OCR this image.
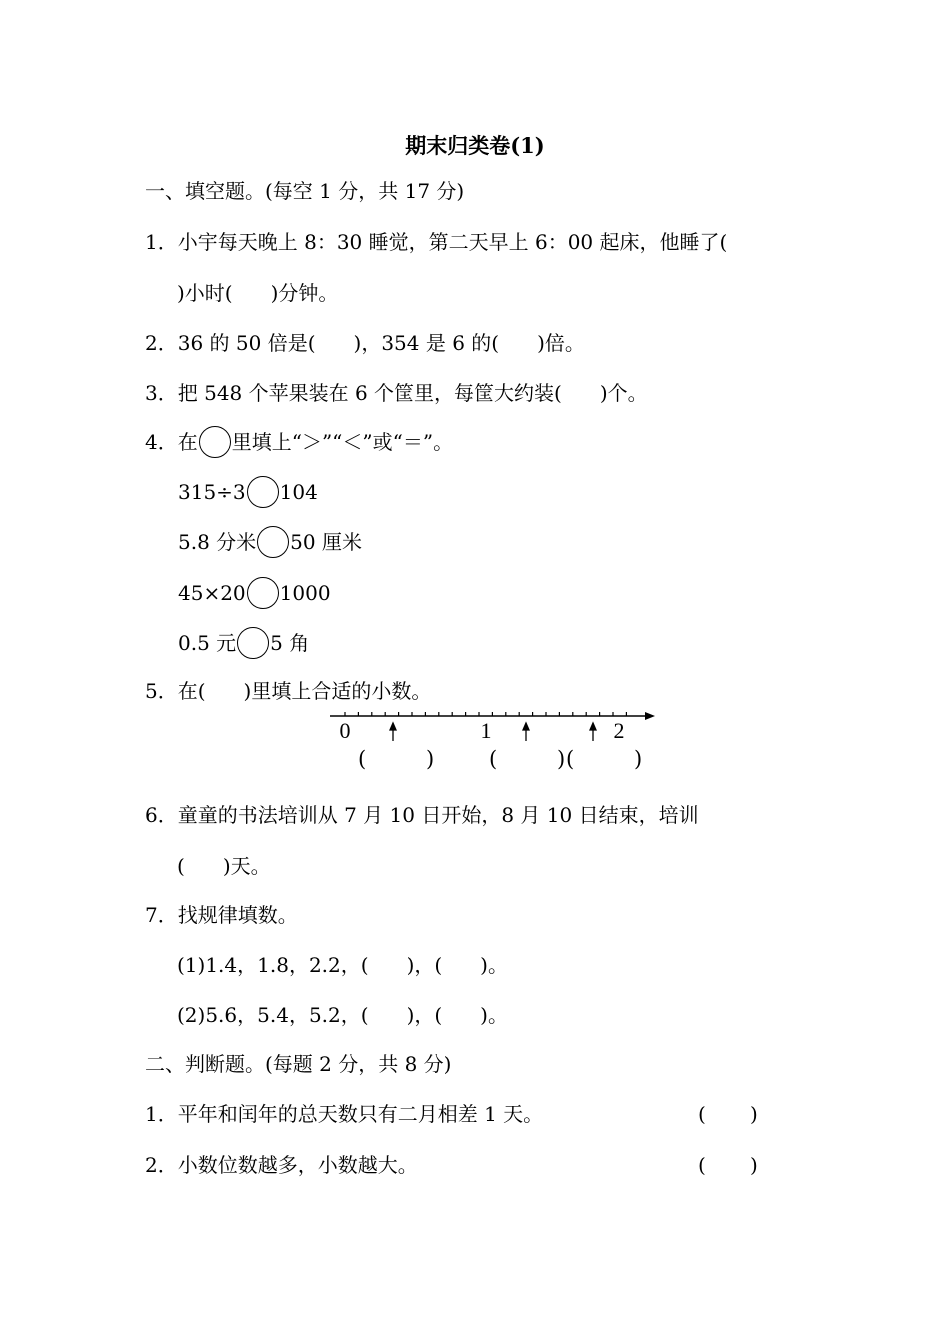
期末归类卷(1)
一、填空题。(每空 1 分，共 17 分)
1．小宇每天晚上 8：30 睡觉，第二天早上 6：00 起床，他睡了(
)小时( )分钟。
2．36 的 50 倍是( )，354 是 6 的( )倍。
3．把 548 个苹果装在 6 个筐里，每筐大约装( )个。
4．在 里填上“＞”“＜”或“＝”。
315÷3 104
5.8 分米 50 厘米
45×20 1000
0.5 元 5 角
5．在( )里填上合适的小数。
0	1	2
(	)	(	) (	)
6．童童的书法培训从 7 月 10 日开始，8 月 10 日结束，培训
( )天。
7．找规律填数。
(1)1.4，1.8，2.2，( )，( )。
(2)5.6，5.4，5.2，( )，( )。
二、判断题。(每题 2 分，共 8 分)
1．平年和闰年的总天数只有二月相差 1 天。	( )
2．小数位数越多，小数越大。	( )
